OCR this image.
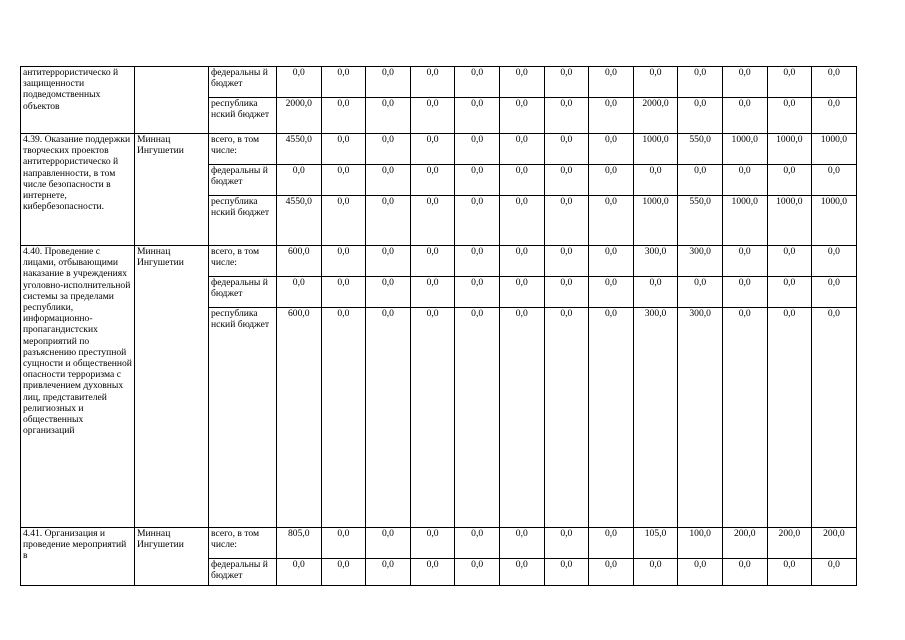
антитеррористическо й защищенности подведомственных объектов		федеральны й бюджет	0,0	0,0	0,0	0,0	0,0	0,0	0,0	0,0	0,0	0,0	0,0	0,0	0,0
		республика нский бюджет	2000,0	0,0	0,0	0,0	0,0	0,0	0,0	0,0	2000,0	0,0	0,0	0,0	0,0
4.39. Оказание поддержки творческих проектов антитеррористическо й направленности, в том числе безопасности в интернете, кибербезопасности.	Миннац Ингушетии	всего, в том числе:	4550,0	0,0	0,0	0,0	0,0	0,0	0,0	0,0	1000,0	550,0	1000,0	1000,0	1000,0
		федеральны й бюджет	0,0	0,0	0,0	0,0	0,0	0,0	0,0	0,0	0,0	0,0	0,0	0,0	0,0
		республика нский бюджет	4550,0	0,0	0,0	0,0	0,0	0,0	0,0	0,0	1000,0	550,0	1000,0	1000,0	1000,0
4.40. Проведение с лицами, отбывающими наказание в учреждениях уголовно-исполнительной системы за пределами республики, информационно-пропагандистских мероприятий по разъяснению преступной сущности и общественной опасности терроризма с привлечением духовных лиц, представителей религиозных и общественных организаций	Миннац Ингушетии	всего, в том числе:	600,0	0,0	0,0	0,0	0,0	0,0	0,0	0,0	300,0	300,0	0,0	0,0	0,0
		федеральны й бюджет	0,0	0,0	0,0	0,0	0,0	0,0	0,0	0,0	0,0	0,0	0,0	0,0	0,0
		республика нский бюджет	600,0	0,0	0,0	0,0	0,0	0,0	0,0	0,0	300,0	300,0	0,0	0,0	0,0
4.41. Организация и проведение мероприятий в	Миннац Ингушетии	всего, в том числе:	805,0	0,0	0,0	0,0	0,0	0,0	0,0	0,0	105,0	100,0	200,0	200,0	200,0
		федеральны й бюджет	0,0	0,0	0,0	0,0	0,0	0,0	0,0	0,0	0,0	0,0	0,0	0,0	0,0
